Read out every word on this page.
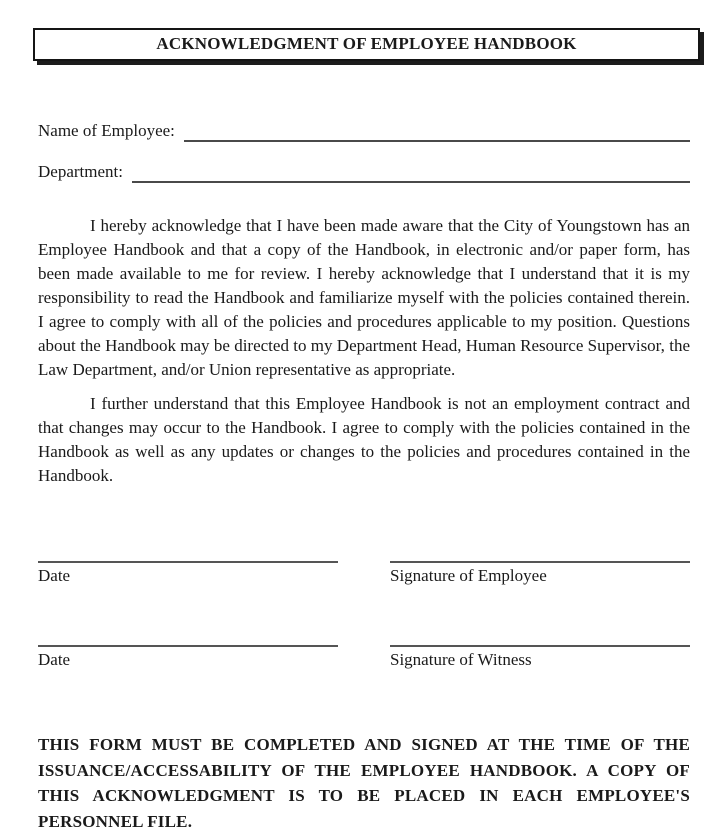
ACKNOWLEDGMENT OF EMPLOYEE HANDBOOK
Name of Employee:
Department:

I hereby acknowledge that I have been made aware that the City of Youngstown has an Employee Handbook and that a copy of the Handbook, in electronic and/or paper form, has been made available to me for review. I hereby acknowledge that I understand that it is my responsibility to read the Handbook and familiarize myself with the policies contained therein. I agree to comply with all of the policies and procedures applicable to my position. Questions about the Handbook may be directed to my Department Head, Human Resource Supervisor, the Law Department, and/or Union representative as appropriate.

I further understand that this Employee Handbook is not an employment contract and that changes may occur to the Handbook. I agree to comply with the policies contained in the Handbook as well as any updates or changes to the policies and procedures contained in the Handbook.

Date	Signature of Employee
Date	Signature of Witness
THIS FORM MUST BE COMPLETED AND SIGNED AT THE TIME OF THE
ISSUANCE/ACCESSABILITY OF THE EMPLOYEE HANDBOOK. A COPY OF
THIS ACKNOWLEDGMENT IS TO BE PLACED IN EACH EMPLOYEE'S
PERSONNEL FILE.
